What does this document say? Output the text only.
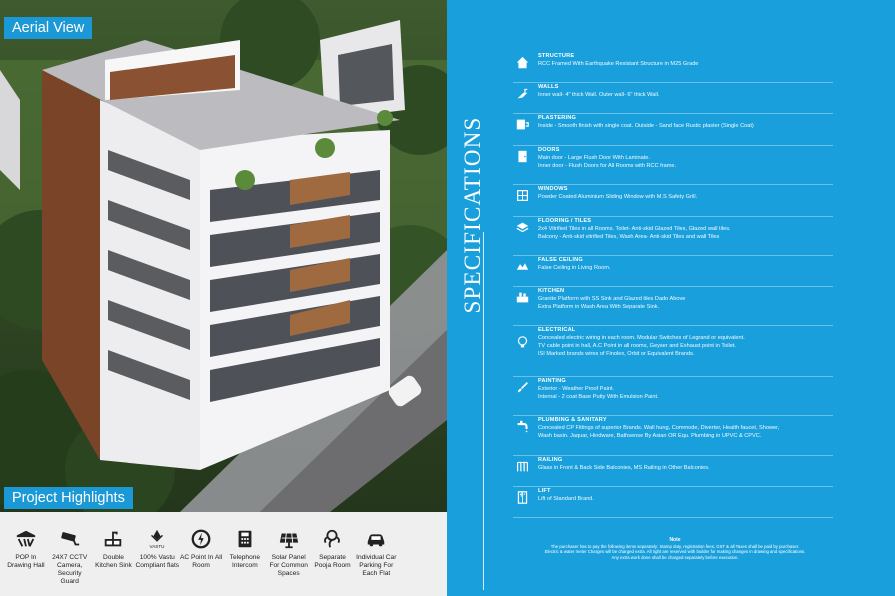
Aerial View
Project Highlights
POP In Drawing Hall
24X7 CCTV Camera, Security Guard
Double Kitchen Sink
VASTU
100% Vastu Compliant flats
AC Point In All Room
Telephone Intercom
Solar Panel For Common Spaces
Separate Pooja Room
Individual Car Parking For Each Flat
STRUCTURE
RCC Framed With Earthquake Resistant Structure in M25 Grade
WALLS
Inner wall- 4" thick Wall. Outer wall- 6" thick Wall.
PLASTERING
Inside - Smooth finish with single coat. Outside - Sand face Rustic plaster (Single Coat)
DOORS
Main door - Large Flush Door With Laminate.
Inner door - Flush Doors for All Rooms with RCC frame.
WINDOWS
Powder Coated Aluminium Sliding Window with M.S Safety Grill.
FLOORING / TILES
2x4 Vitrified Tiles in all Rooms. Toilet- Anti-skid Glazed Tiles, Glazed wall tiles.
Balcony - Anti-skid vitrified Tiles, Wash Area- Anti-skid Tiles and wall Tiles
FALSE CEILING
False Ceiling in Living Room.
KITCHEN
Granite Platform with SS Sink and Glazed tiles Dado Above
Extra Platform in Wash Area With Separate Sink.
ELECTRICAL
Concealed electric wiring in each room. Modular Switches of Legrand or equivalent.
TV cable point in hall, A.C Point in all rooms, Geyser and Exhaust point in Toilet.
ISI Marked brands wires of Finolex, Orbit or Equivalent Brands.
PAINTING
Exterior - Weather Proof Paint.
Internal - 2 coat Base Putty With Emulsion Paint.
PLUMBING & SANITARY
Concealed CP Fittings of superior Brands. Wall hung, Commode, Diverter, Health faucet, Shower,
Wash basin. Jaquar, Hindware, Bathsense By Asian OR Equ. Plumbing in UPVC & CPVC.
RAILING
Glass in Front & Back Side Balconies, MS Railing in Other Balconies.
LIFT
Lift of Standard Brand.
SPECIFICATIONS
Note
The purchaser has to pay the following items separately: Stamp duty, registration fees, GST & all Taxes shall be paid by purchaser.
Electric & water meter Charges will be charged extra. All right are reserved with builder for making changes in drawing and specifications.
Any extra work done shall be charged separately before execution.
